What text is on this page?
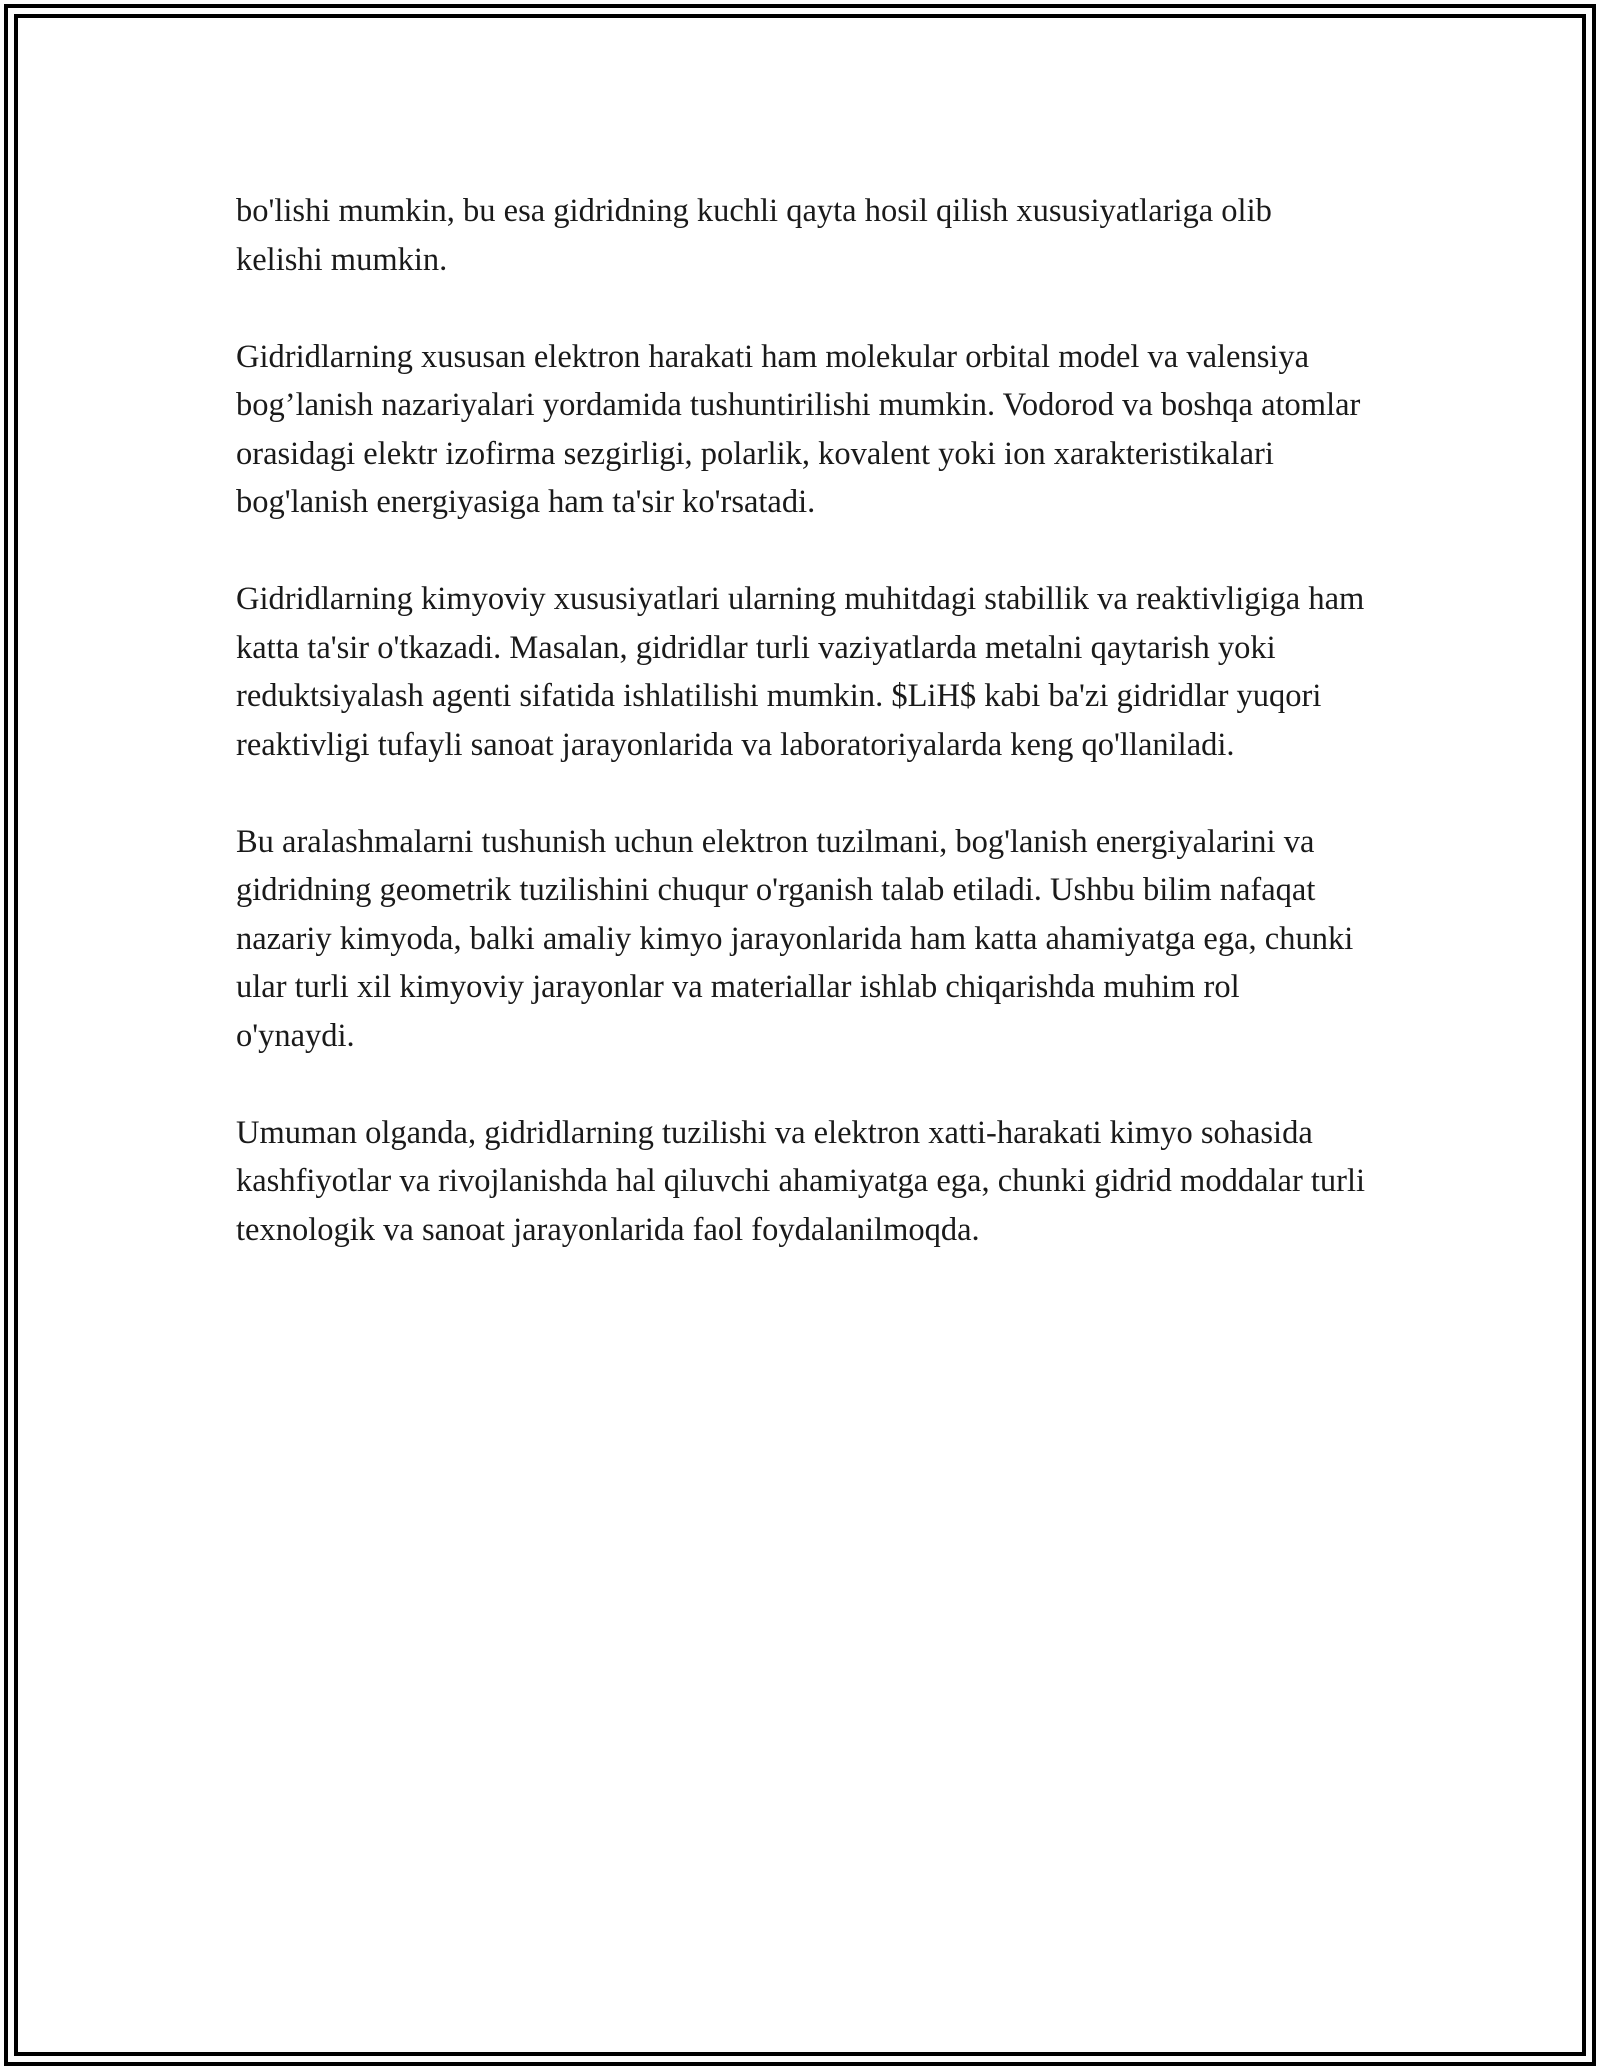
bo'lishi mumkin, bu esa gidridning kuchli qayta hosil qilish xususiyatlariga olib kelishi mumkin.

Gidridlarning xususan elektron harakati ham molekular orbital model va valensiya bog’lanish nazariyalari yordamida tushuntirilishi mumkin. Vodorod va boshqa atomlar orasidagi elektr izofirma sezgirligi, polarlik, kovalent yoki ion xarakteristikalari bog'lanish energiyasiga ham ta'sir ko'rsatadi.

Gidridlarning kimyoviy xususiyatlari ularning muhitdagi stabillik va reaktivligiga ham katta ta'sir o'tkazadi. Masalan, gidridlar turli vaziyatlarda metalni qaytarish yoki reduktsiyalash agenti sifatida ishlatilishi mumkin. $LiH$ kabi ba'zi gidridlar yuqori reaktivligi tufayli sanoat jarayonlarida va laboratoriyalarda keng qo'llaniladi.

Bu aralashmalarni tushunish uchun elektron tuzilmani, bog'lanish energiyalarini va gidridning geometrik tuzilishini chuqur o'rganish talab etiladi. Ushbu bilim nafaqat nazariy kimyoda, balki amaliy kimyo jarayonlarida ham katta ahamiyatga ega, chunki ular turli xil kimyoviy jarayonlar va materiallar ishlab chiqarishda muhim rol o'ynaydi.

Umuman olganda, gidridlarning tuzilishi va elektron xatti-harakati kimyo sohasida kashfiyotlar va rivojlanishda hal qiluvchi ahamiyatga ega, chunki gidrid moddalar turli texnologik va sanoat jarayonlarida faol foydalanilmoqda.
